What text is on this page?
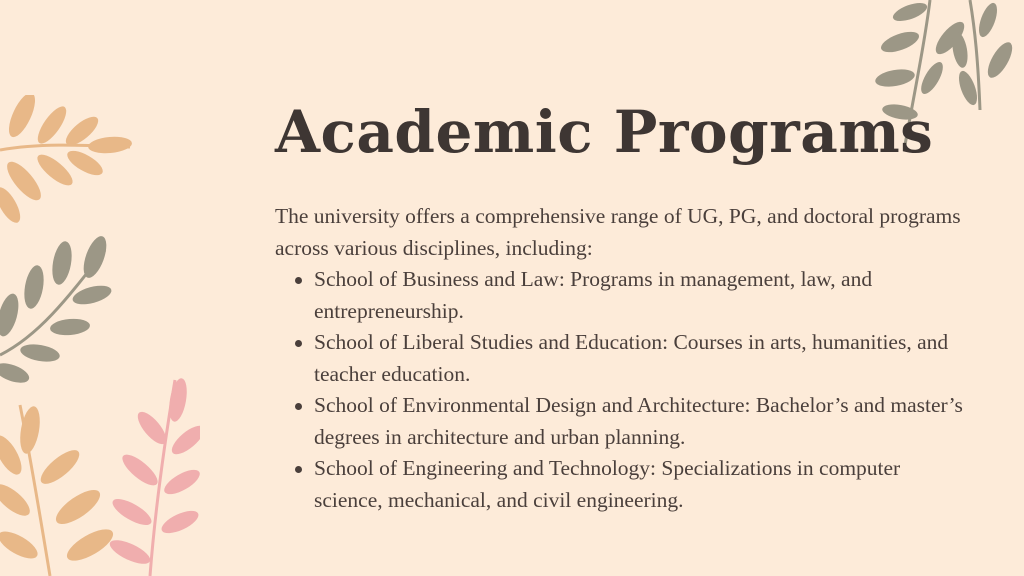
Academic Programs

The university offers a comprehensive range of UG, PG, and doctoral programs across various disciplines, including:

School of Business and Law: Programs in management, law, and entrepreneurship.
School of Liberal Studies and Education: Courses in arts, humanities, and teacher education.
School of Environmental Design and Architecture: Bachelor’s and master’s degrees in architecture and urban planning.
School of Engineering and Technology: Specializations in computer science, mechanical, and civil engineering.
